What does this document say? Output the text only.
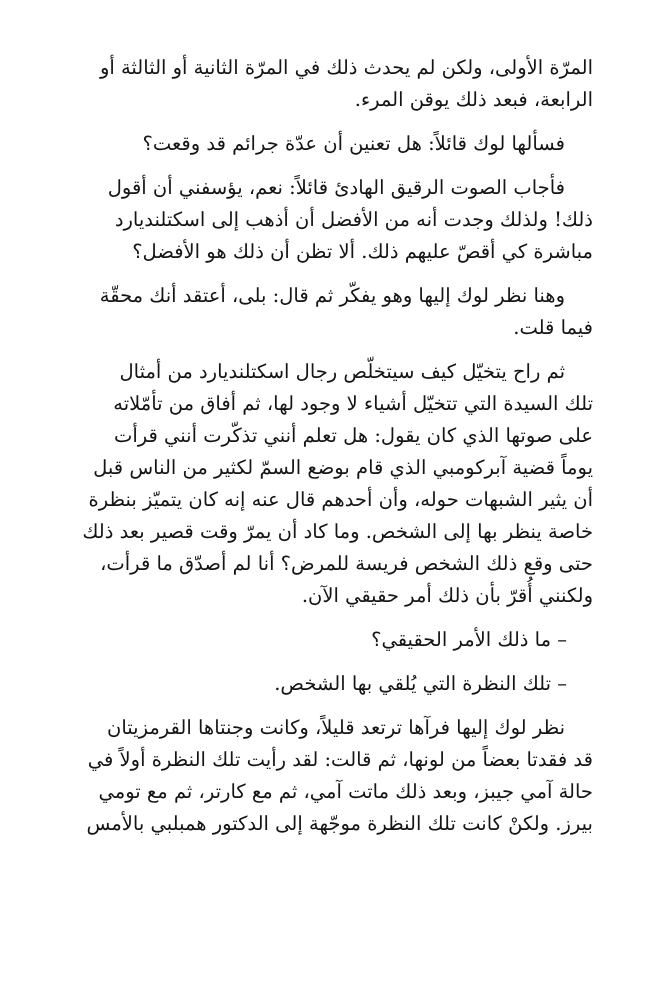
المرّة الأولى، ولكن لم يحدث ذلك في المرّة الثانية أو الثالثة أو
الرابعة، فبعد ذلك يوقن المرء.

فسألها لوك قائلاً: هل تعنين أن عدّة جرائم قد وقعت؟

فأجاب الصوت الرقيق الهادئ قائلاً: نعم، يؤسفني أن أقول
ذلك! ولذلك وجدت أنه من الأفضل أن أذهب إلى اسكتلنديارد
مباشرة كي أقصّ عليهم ذلك. ألا تظن أن ذلك هو الأفضل؟

وهنا نظر لوك إليها وهو يفكّر ثم قال: بلى، أعتقد أنك محقّة
فيما قلت.

ثم راح يتخيّل كيف سيتخلّص رجال اسكتلنديارد من أمثال
تلك السيدة التي تتخيّل أشياء لا وجود لها، ثم أفاق من تأمّلاته
على صوتها الذي كان يقول: هل تعلم أنني تذكّرت أنني قرأت
يوماً قضية آبركومبي الذي قام بوضع السمّ لكثير من الناس قبل
أن يثير الشبهات حوله، وأن أحدهم قال عنه إنه كان يتميّز بنظرة
خاصة ينظر بها إلى الشخص. وما كاد أن يمرّ وقت قصير بعد ذلك
حتى وقع ذلك الشخص فريسة للمرض؟ أنا لم أصدّق ما قرأت،
ولكنني أُقرّ بأن ذلك أمر حقيقي الآن.

– ما ذلك الأمر الحقيقي؟

– تلك النظرة التي يُلقي بها الشخص.

نظر لوك إليها فرآها ترتعد قليلاً، وكانت وجنتاها القرمزيتان
قد فقدتا بعضاً من لونها، ثم قالت: لقد رأيت تلك النظرة أولاً في
حالة آمي جيبز، وبعد ذلك ماتت آمي، ثم مع كارتر، ثم مع تومي
بيرز. ولكنْ كانت تلك النظرة موجّهة إلى الدكتور همبلبي بالأمس
